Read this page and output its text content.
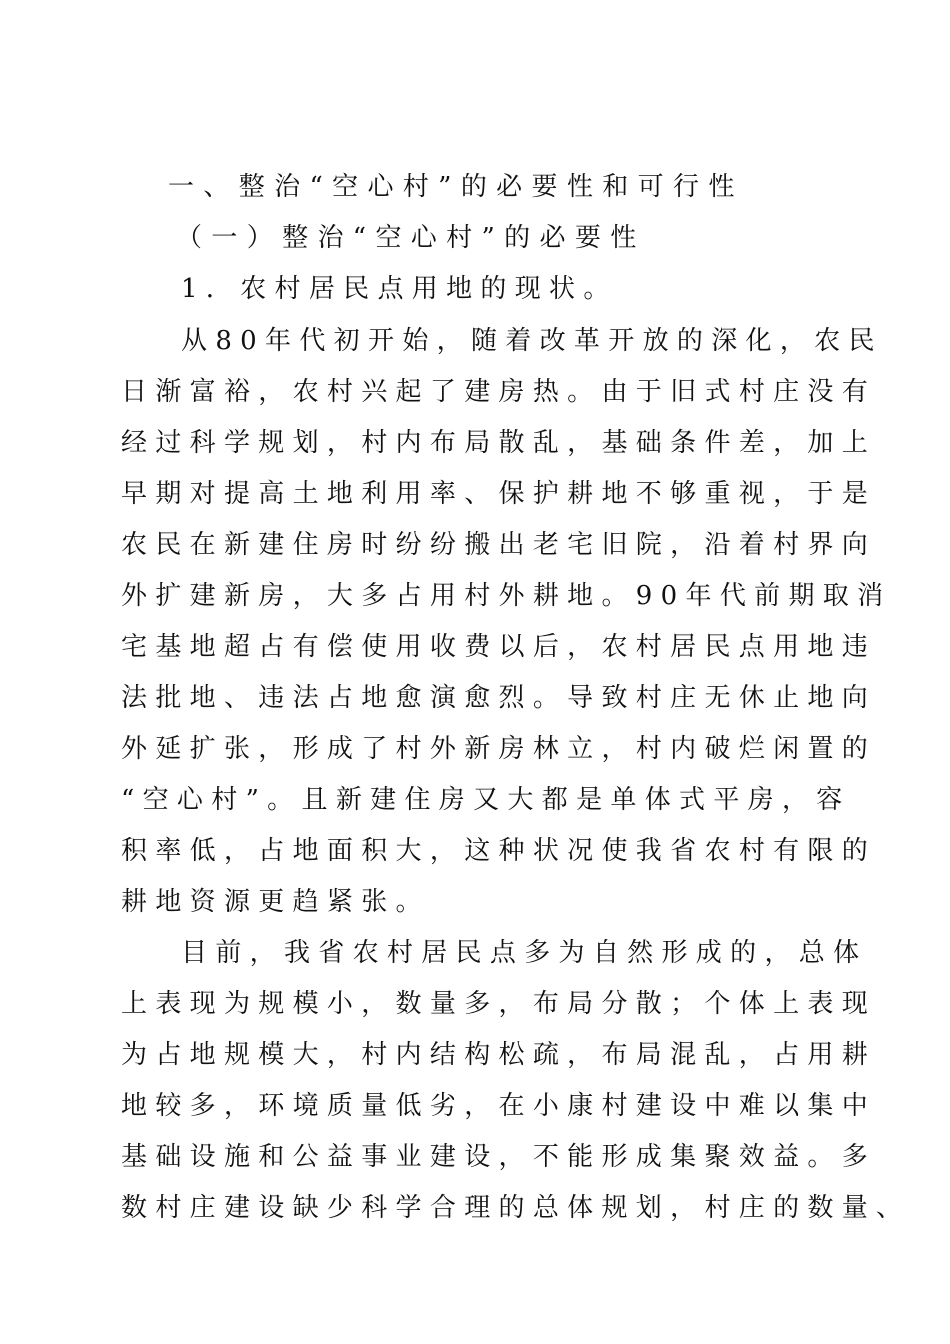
一、整治“空心村”的必要性和可行性

（一）整治“空心村”的必要性

1．农村居民点用地的现状。

从80年代初开始，随着改革开放的深化，农民

日渐富裕，农村兴起了建房热。由于旧式村庄没有

经过科学规划，村内布局散乱，基础条件差，加上

早期对提高土地利用率、保护耕地不够重视，于是

农民在新建住房时纷纷搬出老宅旧院，沿着村界向

外扩建新房，大多占用村外耕地。90年代前期取消

宅基地超占有偿使用收费以后，农村居民点用地违

法批地、违法占地愈演愈烈。导致村庄无休止地向

外延扩张，形成了村外新房林立，村内破烂闲置的

“空心村”。且新建住房又大都是单体式平房，容

积率低，占地面积大，这种状况使我省农村有限的

耕地资源更趋紧张。

目前，我省农村居民点多为自然形成的，总体

上表现为规模小，数量多，布局分散；个体上表现

为占地规模大，村内结构松疏，布局混乱，占用耕

地较多，环境质量低劣，在小康村建设中难以集中

基础设施和公益事业建设，不能形成集聚效益。多

数村庄建设缺少科学合理的总体规划，村庄的数量、
